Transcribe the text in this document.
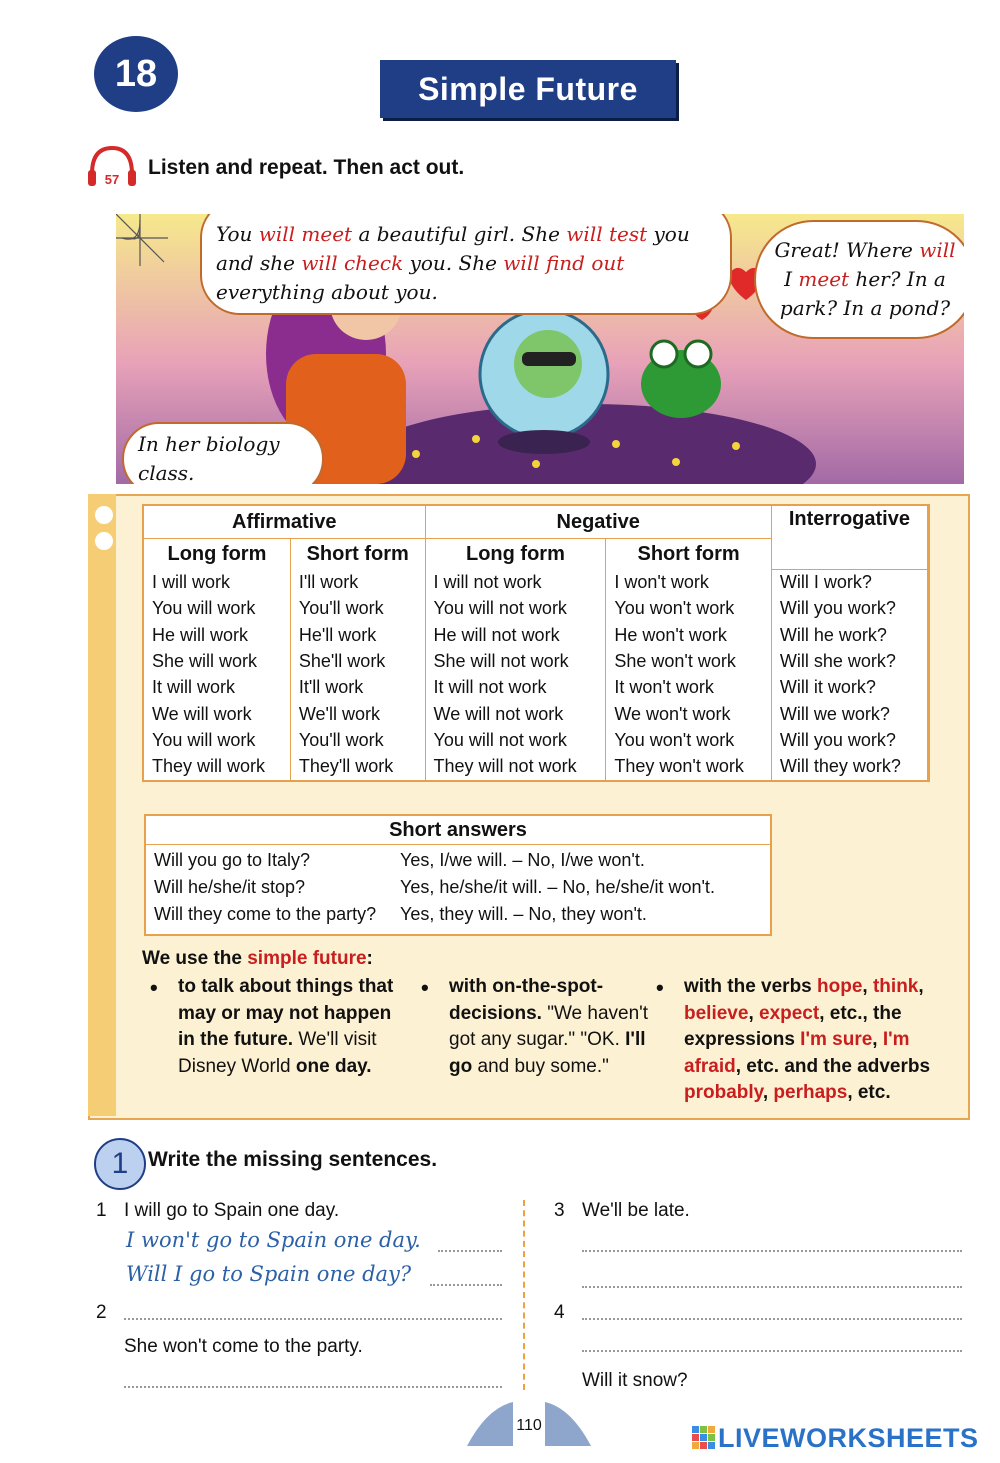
18	Simple Future
57
Listen and repeat. Then act out.
You will meet a beautiful girl. She will test you and she will check you. She will find out everything about you.
Great! Where will I meet her? In a park? In a pond?
In her biology class.
Affirmative		Negative		Interrogative
Long form	Short form	Long form	Short form	
I will work	I'll work	I will not work	I won't work	Will I work?
You will work	You'll work	You will not work	You won't work	Will you work?
He will work	He'll work	He will not work	He won't work	Will he work?
She will work	She'll work	She will not work	She won't work	Will she work?
It will work	It'll work	It will not work	It won't work	Will it work?
We will work	We'll work	We will not work	We won't work	Will we work?
You will work	You'll work	You will not work	You won't work	Will you work?
They will work	They'll work	They will not work	They won't work	Will they work?
Short answers
Will you go to Italy?	Yes, I/we will. – No, I/we won't.
Will he/she/it stop?	Yes, he/she/it will. – No, he/she/it won't.
Will they come to the party? Yes, they will. – No, they won't.
We use the simple future:
• to talk about things that may or may not happen in the future. We'll visit Disney World one day.
• with on-the-spot-decisions. "We haven't got any sugar." "OK. I'll go and buy some."
• with the verbs hope, think, believe, expect, etc., the expressions I'm sure, I'm afraid, etc. and the adverbs probably, perhaps, etc.
1 Write the missing sentences.
1 I will go to Spain one day.
I won't go to Spain one day.
Will I go to Spain one day?
2
She won't come to the party.
3 We'll be late.
4
Will it snow?
110	LIVEWORKSHEETS
